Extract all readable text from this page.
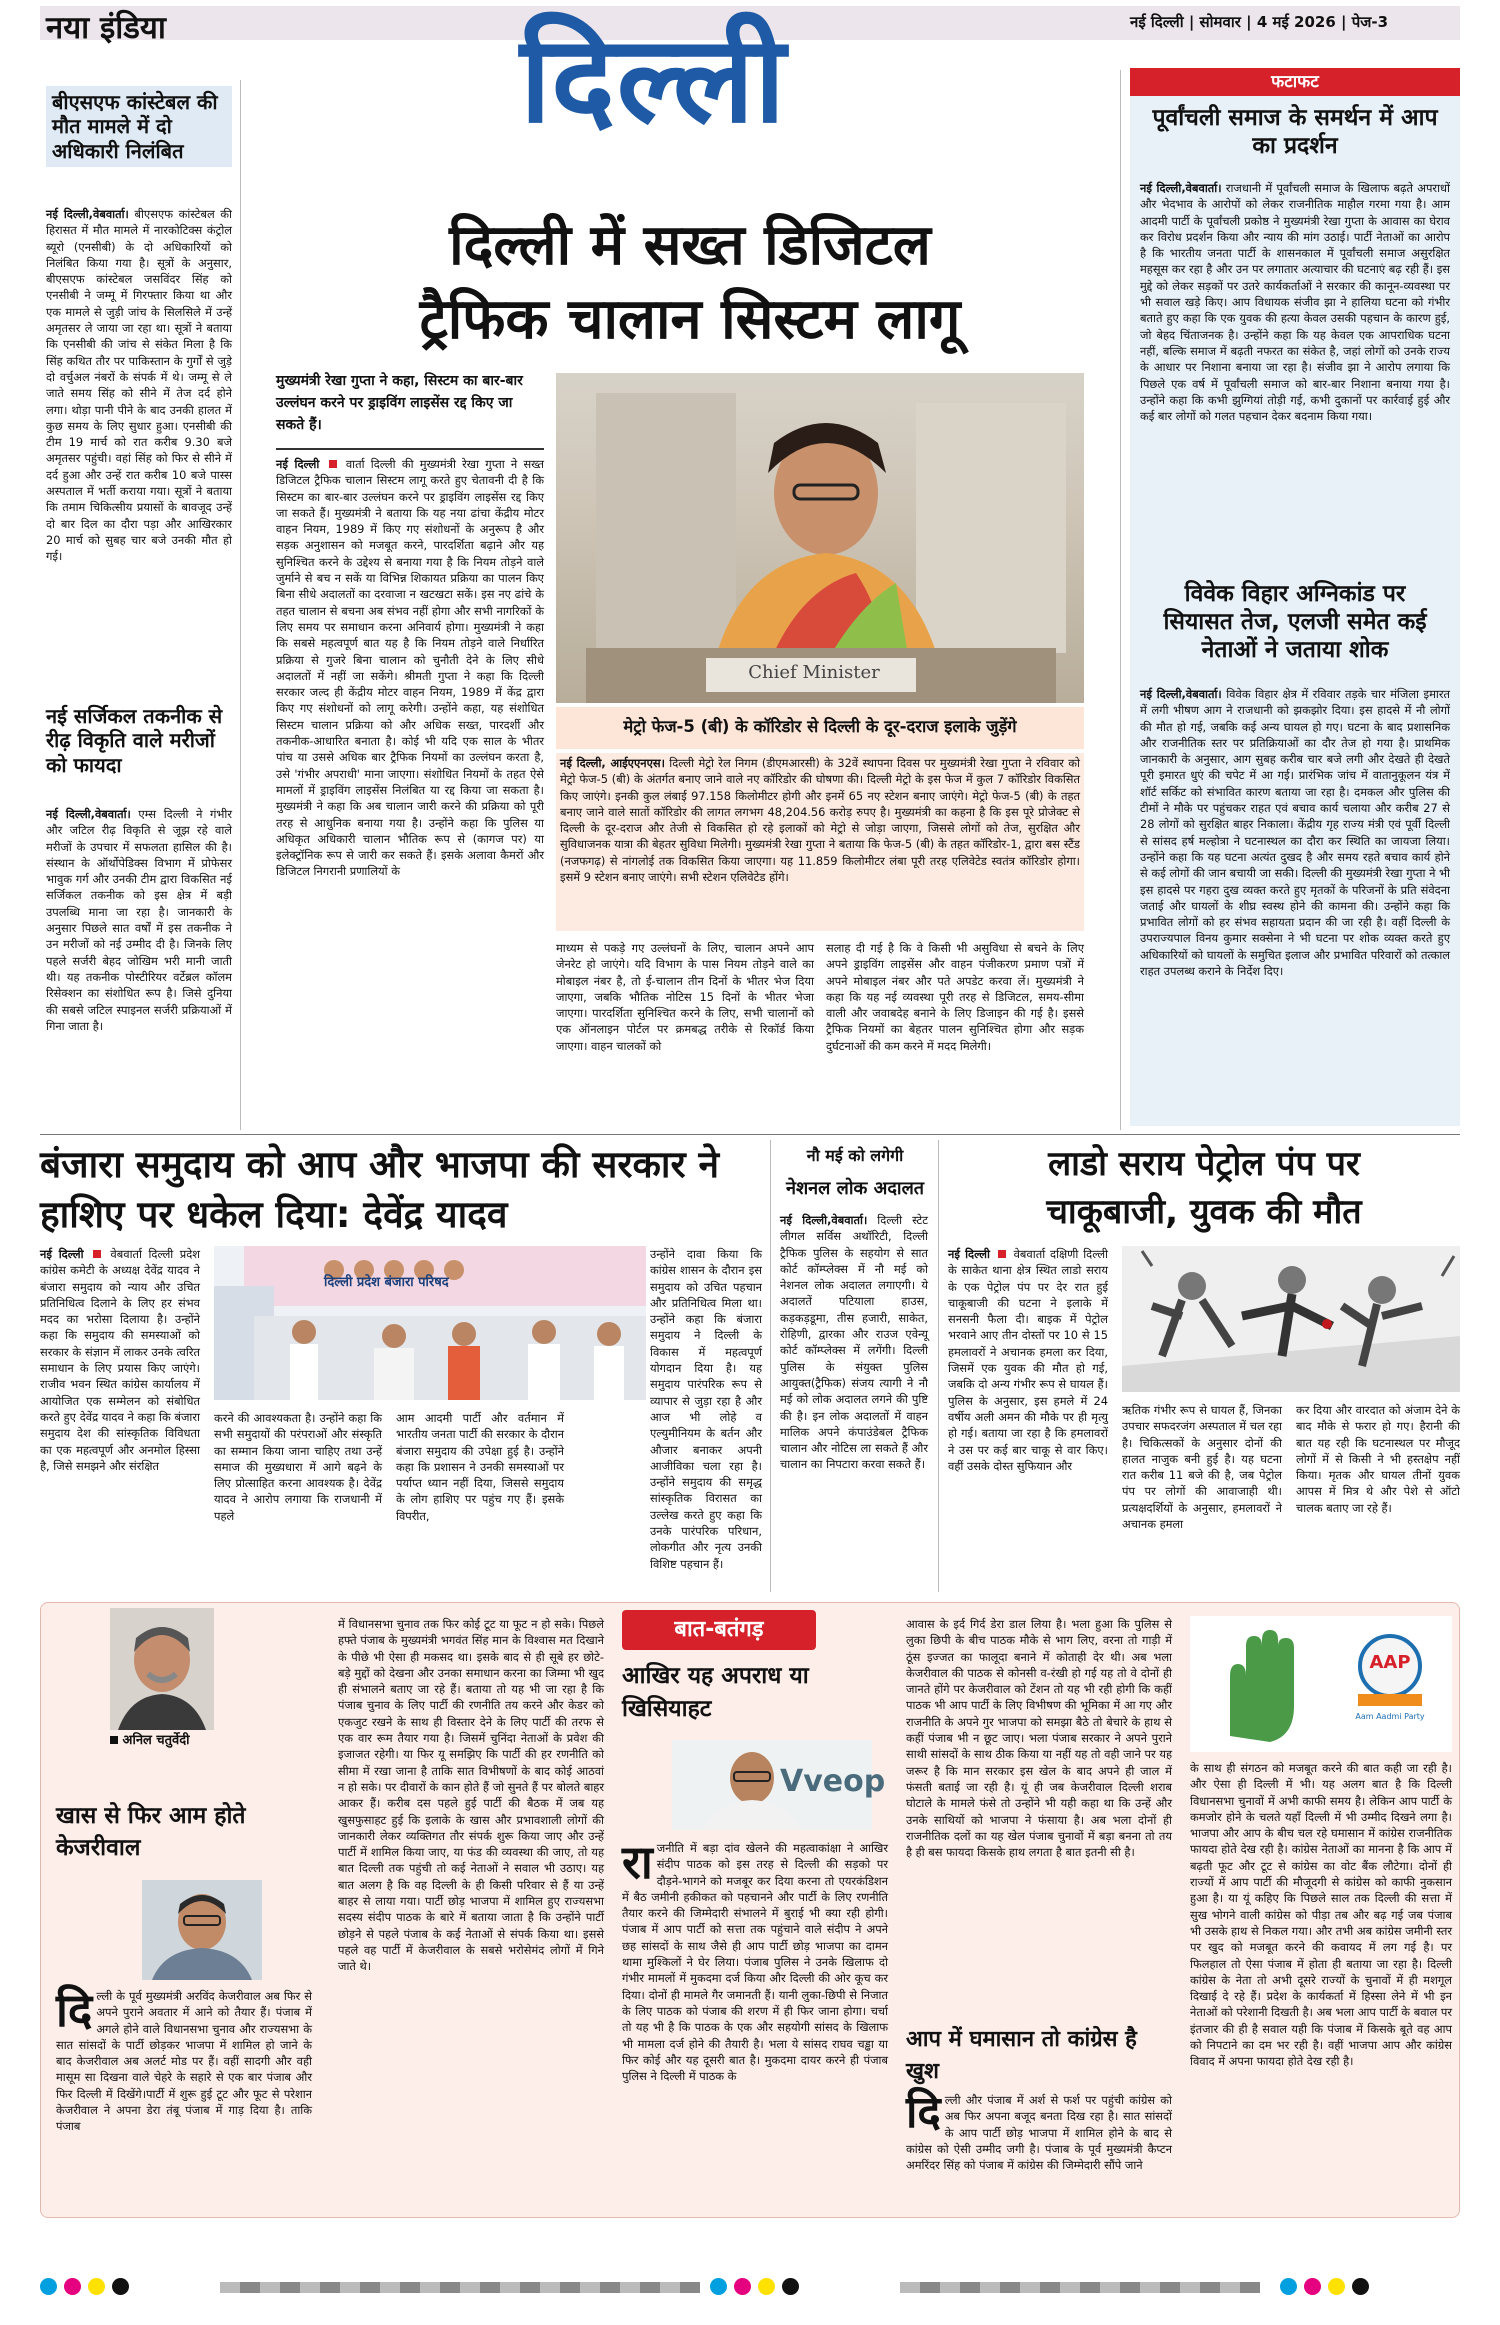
नया इंडिया	नई दिल्ली | सोमवार | 4 मई 2026 | पेज-3
दिल्ली
बीएसएफ कांस्टेबल की मौत मामले में दो अधिकारी निलंबित
नई दिल्ली,वेबवार्ता। बीएसएफ कांस्टेबल की हिरासत में मौत मामले में नारकोटिक्स कंट्रोल ब्यूरो (एनसीबी) के दो अधिकारियों को निलंबित किया गया है। सूत्रों के अनुसार, बीएसएफ कांस्टेबल जसविंदर सिंह को एनसीबी ने जम्मू में गिरफ्तार किया था और एक मामले से जुड़ी जांच के सिलसिले में उन्हें अमृतसर ले जाया जा रहा था। सूत्रों ने बताया कि एनसीबी की जांच से संकेत मिला है कि सिंह कथित तौर पर पाकिस्तान के गुर्गों से जुड़े दो वर्चुअल नंबरों के संपर्क में थे। जम्मू से ले जाते समय सिंह को सीने में तेज दर्द होने लगा। थोड़ा पानी पीने के बाद उनकी हालत में कुछ समय के लिए सुधार हुआ। एनसीबी की टीम 19 मार्च को रात करीब 9.30 बजे अमृतसर पहुंची। वहां सिंह को फिर से सीने में दर्द हुआ और उन्हें रात करीब 10 बजे पास्स अस्पताल में भर्ती कराया गया। सूत्रों ने बताया कि तमाम चिकित्सीय प्रयासों के बावजूद उन्हें दो बार दिल का दौरा पड़ा और आखिरकार 20 मार्च को सुबह चार बजे उनकी मौत हो गई।
नई सर्जिकल तकनीक से रीढ़ विकृति वाले मरीजों को फायदा
नई दिल्ली,वेबवार्ता। एम्स दिल्ली ने गंभीर और जटिल रीढ़ विकृति से जूझ रहे वाले मरीजों के उपचार में सफलता हासिल की है। संस्थान के ऑर्थोपेडिक्स विभाग में प्रोफेसर भावुक गर्ग और उनकी टीम द्वारा विकसित नई सर्जिकल तकनीक को इस क्षेत्र में बड़ी उपलब्धि माना जा रहा है। जानकारी के अनुसार पिछले सात वर्षों में इस तकनीक ने उन मरीजों को नई उम्मीद दी है। जिनके लिए पहले सर्जरी बेहद जोखिम भरी मानी जाती थी। यह तकनीक पोस्टीरियर वर्टेब्रल कॉलम रिसेक्शन का संशोधित रूप है। जिसे दुनिया की सबसे जटिल स्पाइनल सर्जरी प्रक्रियाओं में गिना जाता है।
दिल्ली में सख्त डिजिटल
ट्रैफिक चालान सिस्टम लागू
मुख्यमंत्री रेखा गुप्ता ने कहा, सिस्टम का बार-बार उल्लंघन करने पर ड्राइविंग लाइसेंस रद्द किए जा सकते हैं।
नई दिल्ली वार्ता दिल्ली की मुख्यमंत्री रेखा गुप्ता ने सख्त डिजिटल ट्रैफिक चालान सिस्टम लागू करते हुए चेतावनी दी है कि सिस्टम का बार-बार उल्लंघन करने पर ड्राइविंग लाइसेंस रद्द किए जा सकते हैं। मुख्यमंत्री ने बताया कि यह नया ढांचा केंद्रीय मोटर वाहन नियम, 1989 में किए गए संशोधनों के अनुरूप है और सड़क अनुशासन को मजबूत करने, पारदर्शिता बढ़ाने और यह सुनिश्चित करने के उद्देश्य से बनाया गया है कि नियम तोड़ने वाले जुर्माने से बच न सकें या विभिन्न शिकायत प्रक्रिया का पालन किए बिना सीधे अदालतों का दरवाजा न खटखटा सकें। इस नए ढांचे के तहत चालान से बचना अब संभव नहीं होगा और सभी नागरिकों के लिए समय पर समाधान करना अनिवार्य होगा। मुख्यमंत्री ने कहा कि सबसे महत्वपूर्ण बात यह है कि नियम तोड़ने वाले निर्धारित प्रक्रिया से गुजरे बिना चालान को चुनौती देने के लिए सीधे अदालतों में नहीं जा सकेंगे। श्रीमती गुप्ता ने कहा कि दिल्ली सरकार जल्द ही केंद्रीय मोटर वाहन नियम, 1989 में केंद्र द्वारा किए गए संशोधनों को लागू करेगी। उन्होंने कहा, यह संशोधित सिस्टम चालान प्रक्रिया को और अधिक सख्त, पारदर्शी और तकनीक-आधारित बनाता है। कोई भी यदि एक साल के भीतर पांच या उससे अधिक बार ट्रैफिक नियमों का उल्लंघन करता है, उसे 'गंभीर अपराधी' माना जाएगा। संशोधित नियमों के तहत ऐसे मामलों में ड्राइविंग लाइसेंस निलंबित या रद्द किया जा सकता है। मुख्यमंत्री ने कहा कि अब चालान जारी करने की प्रक्रिया को पूरी तरह से आधुनिक बनाया गया है। उन्होंने कहा कि पुलिस या अधिकृत अधिकारी चालान भौतिक रूप से (कागज पर) या इलेक्ट्रॉनिक रूप से जारी कर सकते हैं। इसके अलावा कैमरों और डिजिटल निगरानी प्रणालियों के
Chief Minister
मेट्रो फेज-5 (बी) के कॉरिडोर से दिल्ली के दूर-दराज इलाके जुड़ेंगे
नई दिल्ली, आईएएनएस। दिल्ली मेट्रो रेल निगम (डीएमआरसी) के 32वें स्थापना दिवस पर मुख्यमंत्री रेखा गुप्ता ने रविवार को मेट्रो फेज-5 (बी) के अंतर्गत बनाए जाने वाले नए कॉरिडोर की घोषणा की। दिल्ली मेट्रो के इस फेज में कुल 7 कॉरिडोर विकसित किए जाएंगे। इनकी कुल लंबाई 97.158 किलोमीटर होगी और इनमें 65 नए स्टेशन बनाए जाएंगे। मेट्रो फेज-5 (बी) के तहत बनाए जाने वाले सातों कॉरिडोर की लागत लगभग 48,204.56 करोड़ रुपए है। मुख्यमंत्री का कहना है कि इस पूरे प्रोजेक्ट से दिल्ली के दूर-दराज और तेजी से विकसित हो रहे इलाकों को मेट्रो से जोड़ा जाएगा, जिससे लोगों को तेज, सुरक्षित और सुविधाजनक यात्रा की बेहतर सुविधा मिलेगी। मुख्यमंत्री रेखा गुप्ता ने बताया कि फेज-5 (बी) के तहत कॉरिडोर-1, द्वारा बस स्टैंड (नजफगढ़) से नांगलोई तक विकसित किया जाएगा। यह 11.859 किलोमीटर लंबा पूरी तरह एलिवेटेड स्वतंत्र कॉरिडोर होगा। इसमें 9 स्टेशन बनाए जाएंगे। सभी स्टेशन एलिवेटेड होंगे।
माध्यम से पकड़े गए उल्लंघनों के लिए, चालान अपने आप जेनरेट हो जाएंगे। यदि विभाग के पास नियम तोड़ने वाले का मोबाइल नंबर है, तो ई-चालान तीन दिनों के भीतर भेज दिया जाएगा, जबकि भौतिक नोटिस 15 दिनों के भीतर भेजा जाएगा। पारदर्शिता सुनिश्चित करने के लिए, सभी चालानों को एक ऑनलाइन पोर्टल पर क्रमबद्ध तरीके से रिकॉर्ड किया जाएगा। वाहन चालकों को
सलाह दी गई है कि वे किसी भी असुविधा से बचने के लिए अपने ड्राइविंग लाइसेंस और वाहन पंजीकरण प्रमाण पत्रों में अपने मोबाइल नंबर और पते अपडेट करवा लें। मुख्यमंत्री ने कहा कि यह नई व्यवस्था पूरी तरह से डिजिटल, समय-सीमा वाली और जवाबदेह बनाने के लिए डिजाइन की गई है। इससे ट्रैफिक नियमों का बेहतर पालन सुनिश्चित होगा और सड़क दुर्घटनाओं की कम करने में मदद मिलेगी।
फटाफट
पूर्वांचली समाज के समर्थन में आप का प्रदर्शन
नई दिल्ली,वेबवार्ता। राजधानी में पूर्वांचली समाज के खिलाफ बढ़ते अपराधों और भेदभाव के आरोपों को लेकर राजनीतिक माहौल गरमा गया है। आम आदमी पार्टी के पूर्वांचली प्रकोष्ठ ने मुख्यमंत्री रेखा गुप्ता के आवास का घेराव कर विरोध प्रदर्शन किया और न्याय की मांग उठाई। पार्टी नेताओं का आरोप है कि भारतीय जनता पार्टी के शासनकाल में पूर्वांचली समाज असुरक्षित महसूस कर रहा है और उन पर लगातार अत्याचार की घटनाएं बढ़ रही हैं। इस मुद्दे को लेकर सड़कों पर उतरे कार्यकर्ताओं ने सरकार की कानून-व्यवस्था पर भी सवाल खड़े किए। आप विधायक संजीव झा ने हालिया घटना को गंभीर बताते हुए कहा कि एक युवक की हत्या केवल उसकी पहचान के कारण हुई, जो बेहद चिंताजनक है। उन्होंने कहा कि यह केवल एक आपराधिक घटना नहीं, बल्कि समाज में बढ़ती नफरत का संकेत है, जहां लोगों को उनके राज्य के आधार पर निशाना बनाया जा रहा है। संजीव झा ने आरोप लगाया कि पिछले एक वर्ष में पूर्वांचली समाज को बार-बार निशाना बनाया गया है। उन्होंने कहा कि कभी झुग्गियां तोड़ी गई, कभी दुकानों पर कार्रवाई हुई और कई बार लोगों को गलत पहचान देकर बदनाम किया गया।
विवेक विहार अग्निकांड पर सियासत तेज, एलजी समेत कई नेताओं ने जताया शोक
नई दिल्ली,वेबवार्ता। विवेक विहार क्षेत्र में रविवार तड़के चार मंजिला इमारत में लगी भीषण आग ने राजधानी को झकझोर दिया। इस हादसे में नौ लोगों की मौत हो गई, जबकि कई अन्य घायल हो गए। घटना के बाद प्रशासनिक और राजनीतिक स्तर पर प्रतिक्रियाओं का दौर तेज हो गया है। प्राथमिक जानकारी के अनुसार, आग सुबह करीब चार बजे लगी और देखते ही देखते पूरी इमारत धुएं की चपेट में आ गई। प्रारंभिक जांच में वातानुकूलन यंत्र में शॉर्ट सर्किट को संभावित कारण बताया जा रहा है। दमकल और पुलिस की टीमों ने मौके पर पहुंचकर राहत एवं बचाव कार्य चलाया और करीब 27 से 28 लोगों को सुरक्षित बाहर निकाला। केंद्रीय गृह राज्य मंत्री एवं पूर्वी दिल्ली से सांसद हर्ष मल्होत्रा ने घटनास्थल का दौरा कर स्थिति का जायजा लिया। उन्होंने कहा कि यह घटना अत्यंत दुखद है और समय रहते बचाव कार्य होने से कई लोगों की जान बचायी जा सकी। दिल्ली की मुख्यमंत्री रेखा गुप्ता ने भी इस हादसे पर गहरा दुख व्यक्त करते हुए मृतकों के परिजनों के प्रति संवेदना जताई और घायलों के शीघ्र स्वस्थ होने की कामना की। उन्होंने कहा कि प्रभावित लोगों को हर संभव सहायता प्रदान की जा रही है। वहीं दिल्ली के उपराज्यपाल विनय कुमार सक्सेना ने भी घटना पर शोक व्यक्त करते हुए अधिकारियों को घायलों के समुचित इलाज और प्रभावित परिवारों को तत्काल राहत उपलब्ध कराने के निर्देश दिए।
बंजारा समुदाय को आप और भाजपा की सरकार ने हाशिए पर धकेल दिया: देवेंद्र यादव
नई दिल्ली वेबवार्ता दिल्ली प्रदेश कांग्रेस कमेटी के अध्यक्ष देवेंद्र यादव ने बंजारा समुदाय को न्याय और उचित प्रतिनिधित्व दिलाने के लिए हर संभव मदद का भरोसा दिलाया है। उन्होंने कहा कि समुदाय की समस्याओं को सरकार के संज्ञान में लाकर उनके त्वरित समाधान के लिए प्रयास किए जाएंगे। राजीव भवन स्थित कांग्रेस कार्यालय में आयोजित एक सम्मेलन को संबोधित करते हुए देवेंद्र यादव ने कहा कि बंजारा समुदाय देश की सांस्कृतिक विविधता का एक महत्वपूर्ण और अनमोल हिस्सा है, जिसे समझने और संरक्षित
दिल्ली प्रदेश बंजारा परिषद
करने की आवश्यकता है। उन्होंने कहा कि सभी समुदायों की परंपराओं और संस्कृति का सम्मान किया जाना चाहिए तथा उन्हें समाज की मुख्यधारा में आगे बढ़ने के लिए प्रोत्साहित करना आवश्यक है। देवेंद्र यादव ने आरोप लगाया कि राजधानी में पहले
आम आदमी पार्टी और वर्तमान में भारतीय जनता पार्टी की सरकार के दौरान बंजारा समुदाय की उपेक्षा हुई है। उन्होंने कहा कि प्रशासन ने उनकी समस्याओं पर पर्याप्त ध्यान नहीं दिया, जिससे समुदाय के लोग हाशिए पर पहुंच गए हैं। इसके विपरीत,
उन्होंने दावा किया कि कांग्रेस शासन के दौरान इस समुदाय को उचित पहचान और प्रतिनिधित्व मिला था। उन्होंने कहा कि बंजारा समुदाय ने दिल्ली के विकास में महत्वपूर्ण योगदान दिया है। यह समुदाय पारंपरिक रूप से व्यापार से जुड़ा रहा है और आज भी लोहे व एल्युमीनियम के बर्तन और औजार बनाकर अपनी आजीविका चला रहा है। उन्होंने समुदाय की समृद्ध सांस्कृतिक विरासत का उल्लेख करते हुए कहा कि उनके पारंपरिक परिधान, लोकगीत और नृत्य उनकी विशिष्ट पहचान हैं।
नौ मई को लगेगी
नेशनल लोक अदालत
नई दिल्ली,वेबवार्ता। दिल्ली स्टेट लीगल सर्विस अथॉरिटी, दिल्ली ट्रैफिक पुलिस के सहयोग से सात कोर्ट कॉम्प्लेक्स में नौ मई को नेशनल लोक अदालत लगाएगी। ये अदालतें पटियाला हाउस, कड़कड़डूमा, तीस हजारी, साकेत, रोहिणी, द्वारका और राउज एवेन्यू कोर्ट कॉम्प्लेक्स में लगेंगी। दिल्ली पुलिस के संयुक्त पुलिस आयुक्त(ट्रैफिक) संजय त्यागी ने नौ मई को लोक अदालत लगने की पुष्टि की है। इन लोक अदालतों में वाहन मालिक अपने कंपाउंडेबल ट्रैफिक चालान और नोटिस ला सकते हैं और चालान का निपटारा करवा सकते हैं।
लाडो सराय पेट्रोल पंप पर
चाकूबाजी, युवक की मौत
नई दिल्ली वेबवार्ता दक्षिणी दिल्ली के साकेत थाना क्षेत्र स्थित लाडो सराय के एक पेट्रोल पंप पर देर रात हुई चाकूबाजी की घटना ने इलाके में सनसनी फैला दी। बाइक में पेट्रोल भरवाने आए तीन दोस्तों पर 10 से 15 हमलावरों ने अचानक हमला कर दिया, जिसमें एक युवक की मौत हो गई, जबकि दो अन्य गंभीर रूप से घायल हैं। पुलिस के अनुसार, इस हमले में 24 वर्षीय अली अमन की मौके पर ही मृत्यु हो गई। बताया जा रहा है कि हमलावरों ने उस पर कई बार चाकू से वार किए। वहीं उसके दोस्त सुफियान और
ऋतिक गंभीर रूप से घायल हैं, जिनका उपचार सफदरजंग अस्पताल में चल रहा है। चिकित्सकों के अनुसार दोनों की हालत नाजुक बनी हुई है। यह घटना रात करीब 11 बजे की है, जब पेट्रोल पंप पर लोगों की आवाजाही थी। प्रत्यक्षदर्शियों के अनुसार, हमलावरों ने अचानक हमला
कर दिया और वारदात को अंजाम देने के बाद मौके से फरार हो गए। हैरानी की बात यह रही कि घटनास्थल पर मौजूद लोगों में से किसी ने भी हस्तक्षेप नहीं किया। मृतक और घायल तीनों युवक आपस में मित्र थे और पेशे से ऑटो चालक बताए जा रहे हैं।
अनिल चतुर्वेदी
खास से फिर आम होते केजरीवाल
दि ल्ली के पूर्व मुख्यमंत्री अरविंद केजरीवाल अब फिर से अपने पुराने अवतार में आने को तैयार हैं। पंजाब में अगले होने वाले विधानसभा चुनाव और राज्यसभा के सात सांसदों के पार्टी छोड़कर भाजपा में शामिल हो जाने के बाद केजरीवाल अब अलर्ट मोड पर हैं। वहीं सादगी और वही मासूम सा दिखना वाले चेहरे के सहारे से एक बार पंजाब और फिर दिल्ली में दिखेंगे।पार्टी में शुरू हुई टूट और फूट से परेशान केजरीवाल ने अपना डेरा तंबू पंजाब में गाड़ दिया है। ताकि पंजाब
में विधानसभा चुनाव तक फिर कोई टूट या फूट न हो सके। पिछले हफ्ते पंजाब के मुख्यमंत्री भगवंत सिंह मान के विश्वास मत दिखाने के पीछे भी ऐसा ही मकसद था। इसके बाद से ही सूबे हर छोटे-बड़े मुद्दों को देखना और उनका समाधान करना का जिम्मा भी खुद ही संभालने बताए जा रहे हैं। बताया तो यह भी जा रहा है कि पंजाब चुनाव के लिए पार्टी की रणनीति तय करने और केडर को एकजुट रखने के साथ ही विस्तार देने के लिए पार्टी की तरफ से एक वार रूम तैयार गया है। जिसमें चुनिंदा नेताओं के प्रवेश की इजाजत रहेगी। या फिर यू समझिए कि पार्टी की हर रणनीति को सीमा में रखा जाना है ताकि सात विभीषणों के बाद कोई आठवां न हो सके। पर दीवारों के कान होते हैं जो सुनते हैं पर बोलते बाहर आकर हैं। करीब दस पहले हुई पार्टी की बैठक में जब यह खुसफुसाहट हुई कि इलाके के खास और प्रभावशाली लोगों की जानकारी लेकर व्यक्तिगत तौर संपर्क शुरू किया जाए और उन्हें पार्टी में शामिल किया जाए, या फंड की व्यवस्था की जाए, तो यह बात दिल्ली तक पहुंची तो कई नेताओं ने सवाल भी उठाए। यह बात अलग है कि वह दिल्ली के ही किसी परिवार से हैं या उन्हें बाहर से लाया गया। पार्टी छोड़ भाजपा में शामिल हुए राज्यसभा सदस्य संदीप पाठक के बारे में बताया जाता है कि उन्होंने पार्टी छोड़ने से पहले पंजाब के कई नेताओं से संपर्क किया था। इससे पहले वह पार्टी में केजरीवाल के सबसे भरोसेमंद लोगों में गिने जाते थे।
बात-बतंगड़
आखिर यह अपराध या खिसियाहट
Vveop
रा जनीति में बड़ा दांव खेलने की महत्वाकांक्षा ने आखिर संदीप पाठक को इस तरह से दिल्ली की सड़को पर दौड़ने-भागने को मजबूर कर दिया करना तो एयरकंडिशन में बैठ जमीनी हकीकत को पहचानने और पार्टी के लिए रणनीति तैयार करने की जिम्मेदारी संभालने में बुराई भी क्या रही होगी। पंजाब में आप पार्टी को सत्ता तक पहुंचाने वाले संदीप ने अपने छह सांसदों के साथ जैसे ही आप पार्टी छोड़ भाजपा का दामन थामा मुश्किलों ने घेर लिया। पंजाब पुलिस ने उनके खिलाफ दो गंभीर मामलों में मुकदमा दर्ज किया और दिल्ली की ओर कूच कर दिया। दोनों ही मामले गैर जमानती हैं। यानी लुका-छिपी से निजात के लिए पाठक को पंजाब की शरण में ही फिर जाना होगा। चर्चा तो यह भी है कि पाठक के एक और सहयोगी सांसद के खिलाफ भी मामला दर्ज होने की तैयारी है। भला ये सांसद राघव चड्ढा या फिर कोई और यह दूसरी बात है। मुकदमा दायर करने ही पंजाब पुलिस ने दिल्ली में पाठक के
आवास के इर्द गिर्द डेरा डाल लिया है। भला हुआ कि पुलिस से लुका छिपी के बीच पाठक मौके से भाग लिए, वरना तो गाड़ी में ठूंस इज्जत का फालूदा बनाने में कोताही देर थी। अब भला केजरीवाल की पाठक से कोनसी व-रंखी हो गई यह तो वे दोनों ही जानते होंगे पर केजरीवाल को टेंशन तो यह भी रही होगी कि कहीं पाठक भी आप पार्टी के लिए विभीषण की भूमिका में आ गए और राजनीति के अपने गुर भाजपा को समझा बैठे तो बेचारे के हाथ से कहीं पंजाब भी न छूट जाए। भला पंजाब सरकार ने अपने पुराने साथी सांसदों के साथ ठीक किया या नहीं यह तो वही जाने पर यह जरूर है कि मान सरकार इस खेल के बाद अपने ही जाल में फंसती बताई जा रही है। यूं ही जब केजरीवाल दिल्ली शराब घोटाले के मामले फंसे तो उन्होंने भी यही कहा था कि उन्हें और उनके साथियों को भाजपा ने फंसाया है। अब भला दोनों ही राजनीतिक दलों का यह खेल पंजाब चुनावों में बड़ा बनना तो तय है ही बस फायदा किसके हाथ लगता है बात इतनी सी है।
आप में घमासान तो कांग्रेस है खुश
दि ल्ली और पंजाब में अर्श से फर्श पर पहुंची कांग्रेस को अब फिर अपना बजूद बनता दिख रहा है। सात सांसदों के आप पार्टी छोड़ भाजपा में शामिल होने के बाद से कांग्रेस को ऐसी उम्मीद जगी है। पंजाब के पूर्व मुख्यमंत्री कैप्टन अमरिंदर सिंह को पंजाब में कांग्रेस की जिम्मेदारी सौंपे जाने
AAP
Aam Aadmi Party
के साथ ही संगठन को मजबूत करने की बात कही जा रही है। और ऐसा ही दिल्ली में भी। यह अलग बात है कि दिल्ली विधानसभा चुनावों में अभी काफी समय है। लेकिन आप पार्टी के कमजोर होने के चलते यहाँ दिल्ली में भी उम्मीद दिखने लगा है। भाजपा और आप के बीच चल रहे घमासान में कांग्रेस राजनीतिक फायदा होते देख रही है। कांग्रेस नेताओं का मानना है कि आप में बढ़ती फूट और टूट से कांग्रेस का वोट बैंक लौटेगा। दोनों ही राज्यों में आप पार्टी की मौजूदगी से कांग्रेस को काफी नुकसान हुआ है। या यूं कहिए कि पिछले साल तक दिल्ली की सत्ता में सुख भोगने वाली कांग्रेस को पीड़ा तब और बढ़ गई जब पंजाब भी उसके हाथ से निकल गया। और तभी अब कांग्रेस जमीनी स्तर पर खुद को मजबूत करने की कवायद में लग गई है। पर फिलहाल तो ऐसा पंजाब में होता ही बताया जा रहा है। दिल्ली कांग्रेस के नेता तो अभी दूसरे राज्यों के चुनावों में ही मशगूल दिखाई दे रहे हैं। प्रदेश के कार्यकर्ता में हिस्सा लेने में भी इन नेताओं को परेशानी दिखती है। अब भला आप पार्टी के बवाल पर इंतजार की ही है सवाल यही कि पंजाब में किसके बूते वह आप को निपटाने का दम भर रही है। वहीं भाजपा आप और कांग्रेस विवाद में अपना फायदा होते देख रही है।
